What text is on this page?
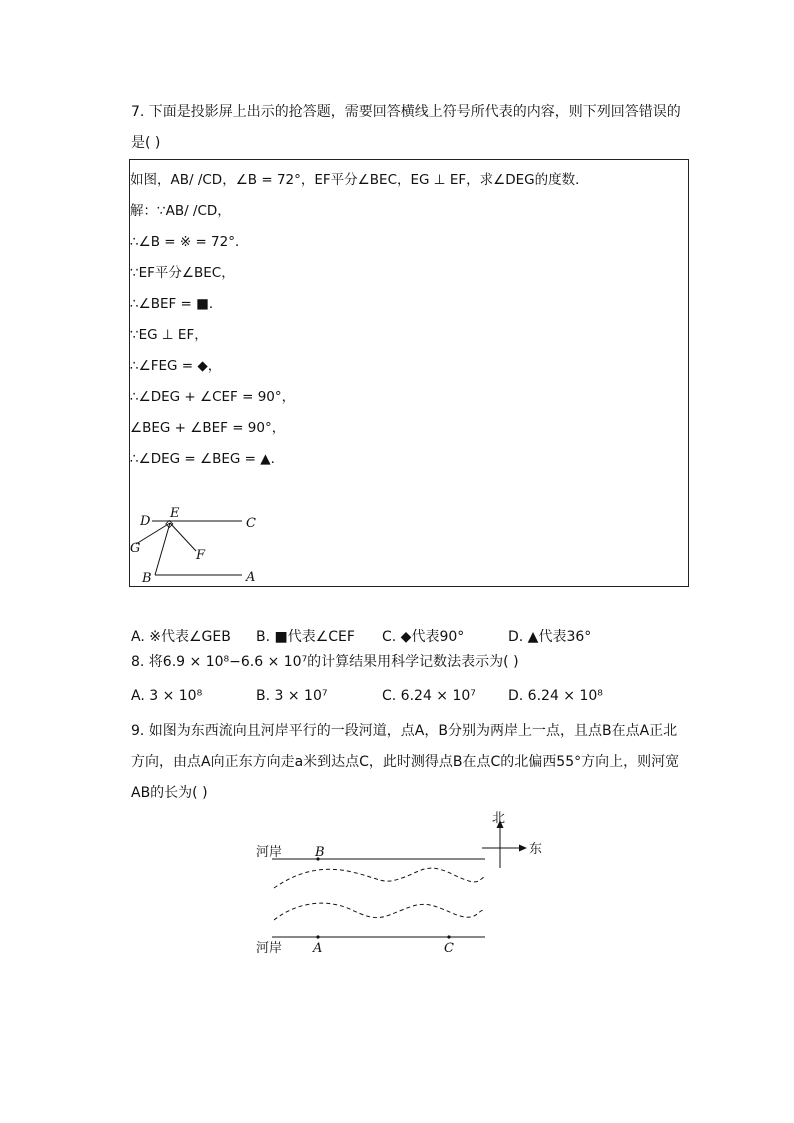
7. 下面是投影屏上出示的抢答题，需要回答横线上符号所代表的内容，则下列回答错误的是( )
如图，AB/ /CD，∠B = 72°，EF平分∠BEC，EG ⊥ EF，求∠DEG的度数．
解：∵AB/ /CD，
∴∠B = ※ = 72°．
∵EF平分∠BEC，
∴∠BEF = ■．
∵EG ⊥ EF，
∴∠FEG = ◆，
∴∠DEG + ∠CEF = 90°，
∠BEG + ∠BEF = 90°，
∴∠DEG = ∠BEG = ▲．
D
E
C
G	F
B	A
A. ※代表∠GEB B. ■代表∠CEF C. ◆代表90°	D. ▲代表36°
8. 将6.9 × 10⁸−6.6 × 10⁷的计算结果用科学记数法表示为( )
A. 3 × 10⁸	B. 3 × 10⁷	C. 6.24 × 10⁷ D. 6.24 × 10⁸
9. 如图为东西流向且河岸平行的一段河道，点A，B分别为两岸上一点，且点B在点A正北方向，由点A向正东方向走a米到达点C，此时测得点B在点C的北偏西55°方向上，则河宽AB的长为( )
河岸	B
河岸 A	C
北
东
